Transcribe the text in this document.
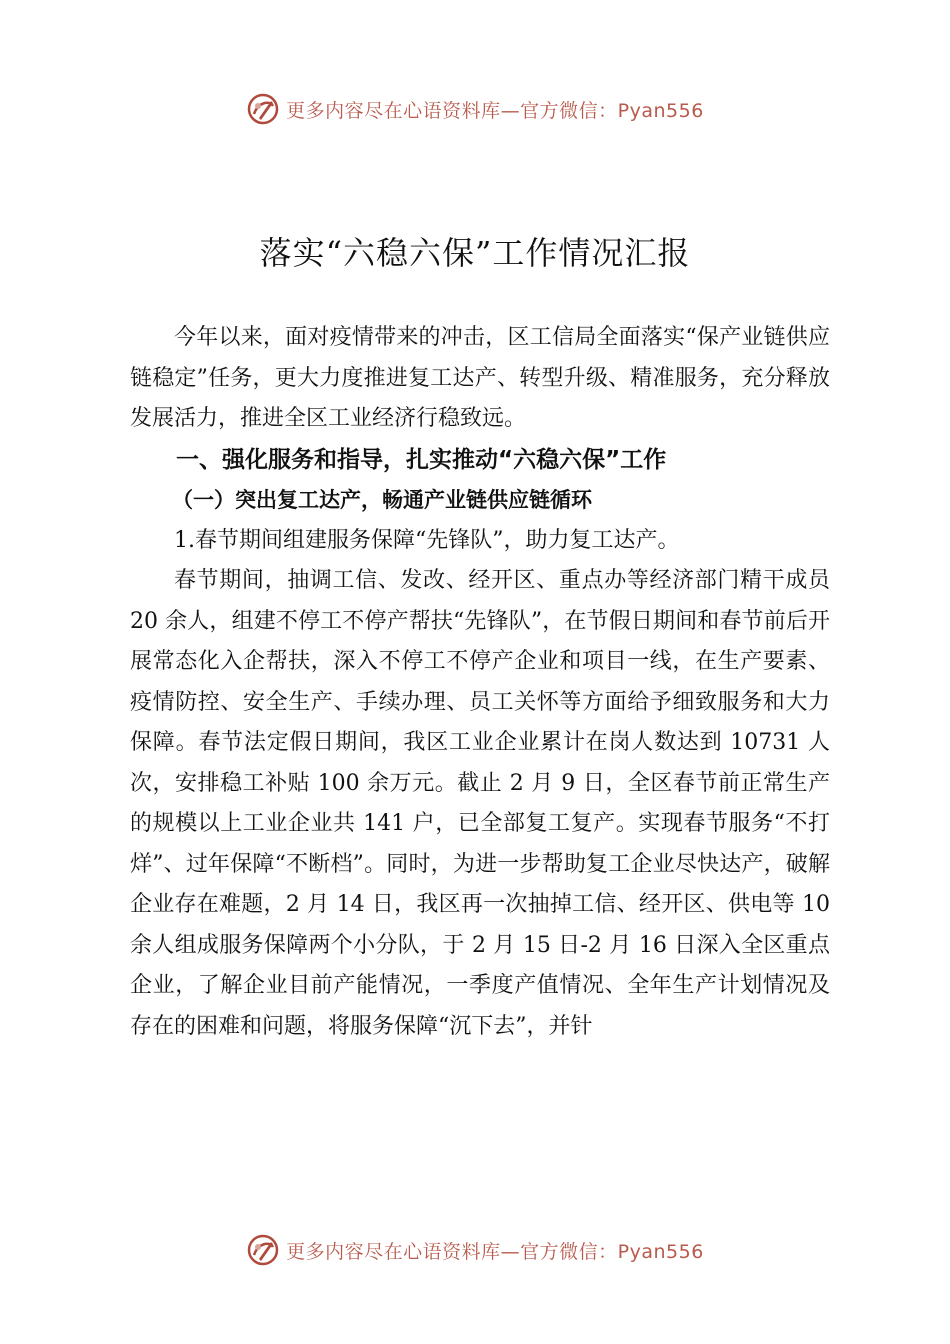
更多内容尽在心语资料库—官方微信：Pyan556
落实“六稳六保”工作情况汇报

今年以来，面对疫情带来的冲击，区工信局全面落实“保产业链供应链稳定”任务，更大力度推进复工达产、转型升级、精准服务，充分释放发展活力，推进全区工业经济行稳致远。

一、强化服务和指导，扎实推动“六稳六保”工作

（一）突出复工达产，畅通产业链供应链循环

1.春节期间组建服务保障“先锋队”，助力复工达产。

春节期间，抽调工信、发改、经开区、重点办等经济部门精干成员 20 余人，组建不停工不停产帮扶“先锋队”，在节假日期间和春节前后开展常态化入企帮扶，深入不停工不停产企业和项目一线，在生产要素、疫情防控、安全生产、手续办理、员工关怀等方面给予细致服务和大力保障。春节法定假日期间，我区工业企业累计在岗人数达到 10731 人次，安排稳工补贴 100 余万元。截止 2 月 9 日，全区春节前正常生产的规模以上工业企业共 141 户，已全部复工复产。实现春节服务“不打烊”、过年保障“不断档”。同时，为进一步帮助复工企业尽快达产，破解企业存在难题，2 月 14 日，我区再一次抽掉工信、经开区、供电等 10 余人组成服务保障两个小分队，于 2 月 15 日-2 月 16 日深入全区重点企业，了解企业目前产能情况，一季度产值情况、全年生产计划情况及存在的困难和问题，将服务保障“沉下去”，并针

更多内容尽在心语资料库—官方微信：Pyan556
